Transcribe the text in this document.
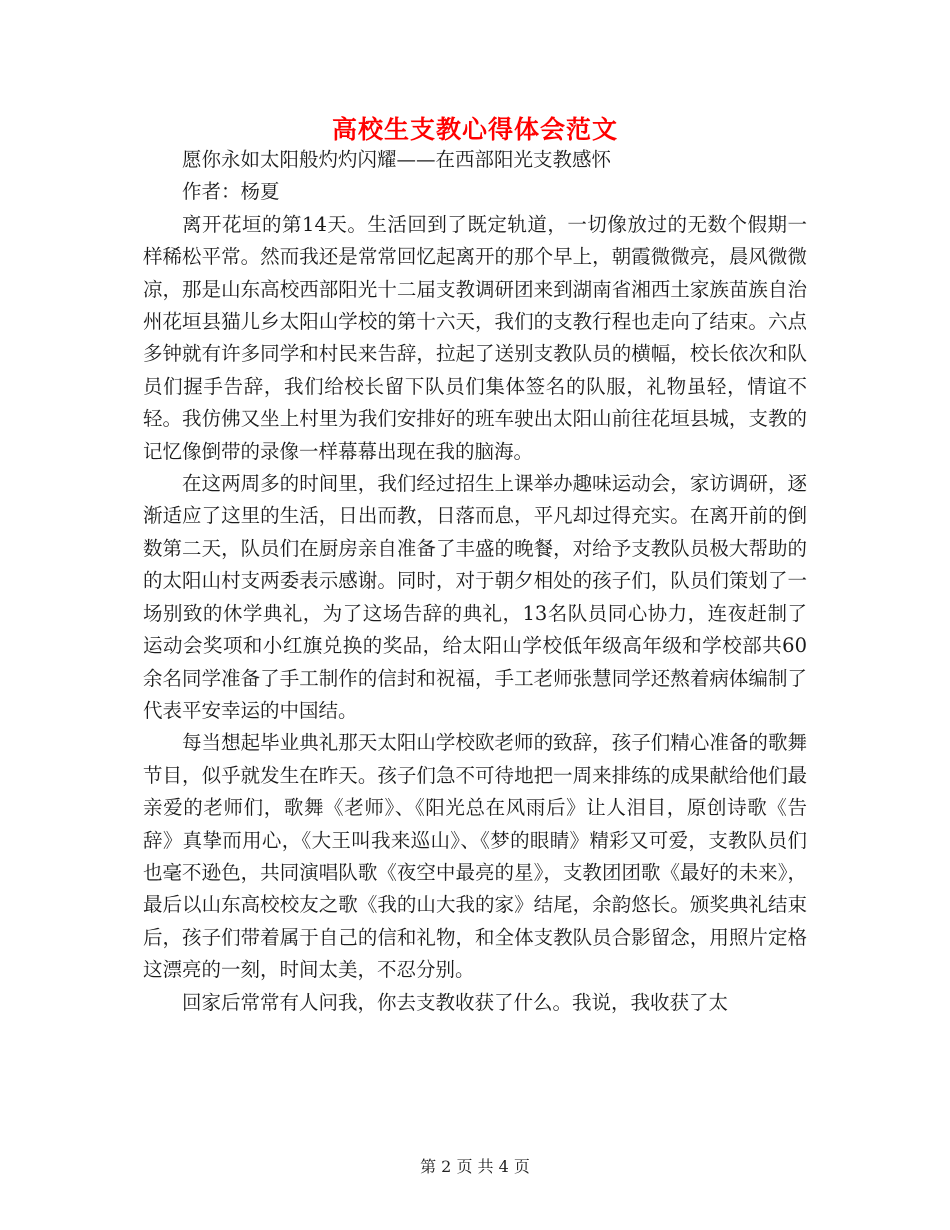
高校生支教心得体会范文

愿你永如太阳般灼灼闪耀——在西部阳光支教感怀

作者：杨夏

离开花垣的第14天。生活回到了既定轨道，一切像放过的无数个假期一样稀松平常。然而我还是常常回忆起离开的那个早上，朝霞微微亮，晨风微微凉，那是山东高校西部阳光十二届支教调研团来到湖南省湘西土家族苗族自治州花垣县猫儿乡太阳山学校的第十六天，我们的支教行程也走向了结束。六点多钟就有许多同学和村民来告辞，拉起了送别支教队员的横幅，校长依次和队员们握手告辞，我们给校长留下队员们集体签名的队服，礼物虽轻，情谊不轻。我仿佛又坐上村里为我们安排好的班车驶出太阳山前往花垣县城，支教的记忆像倒带的录像一样幕幕出现在我的脑海。

在这两周多的时间里，我们经过招生上课举办趣味运动会，家访调研，逐渐适应了这里的生活，日出而教，日落而息，平凡却过得充实。在离开前的倒数第二天，队员们在厨房亲自准备了丰盛的晚餐，对给予支教队员极大帮助的的太阳山村支两委表示感谢。同时，对于朝夕相处的孩子们，队员们策划了一场别致的休学典礼，为了这场告辞的典礼，13名队员同心协力，连夜赶制了运动会奖项和小红旗兑换的奖品，给太阳山学校低年级高年级和学校部共60余名同学准备了手工制作的信封和祝福，手工老师张慧同学还熬着病体编制了代表平安幸运的中国结。

每当想起毕业典礼那天太阳山学校欧老师的致辞，孩子们精心准备的歌舞节目，似乎就发生在昨天。孩子们急不可待地把一周来排练的成果献给他们最亲爱的老师们，歌舞《老师》、《阳光总在风雨后》让人泪目，原创诗歌《告辞》真挚而用心，《大王叫我来巡山》、《梦的眼睛》精彩又可爱，支教队员们也毫不逊色，共同演唱队歌《夜空中最亮的星》，支教团团歌《最好的未来》，最后以山东高校校友之歌《我的山大我的家》结尾，余韵悠长。颁奖典礼结束后，孩子们带着属于自己的信和礼物，和全体支教队员合影留念，用照片定格这漂亮的一刻，时间太美，不忍分别。

回家后常常有人问我，你去支教收获了什么。我说，我收获了太

第 2 页 共 4 页
